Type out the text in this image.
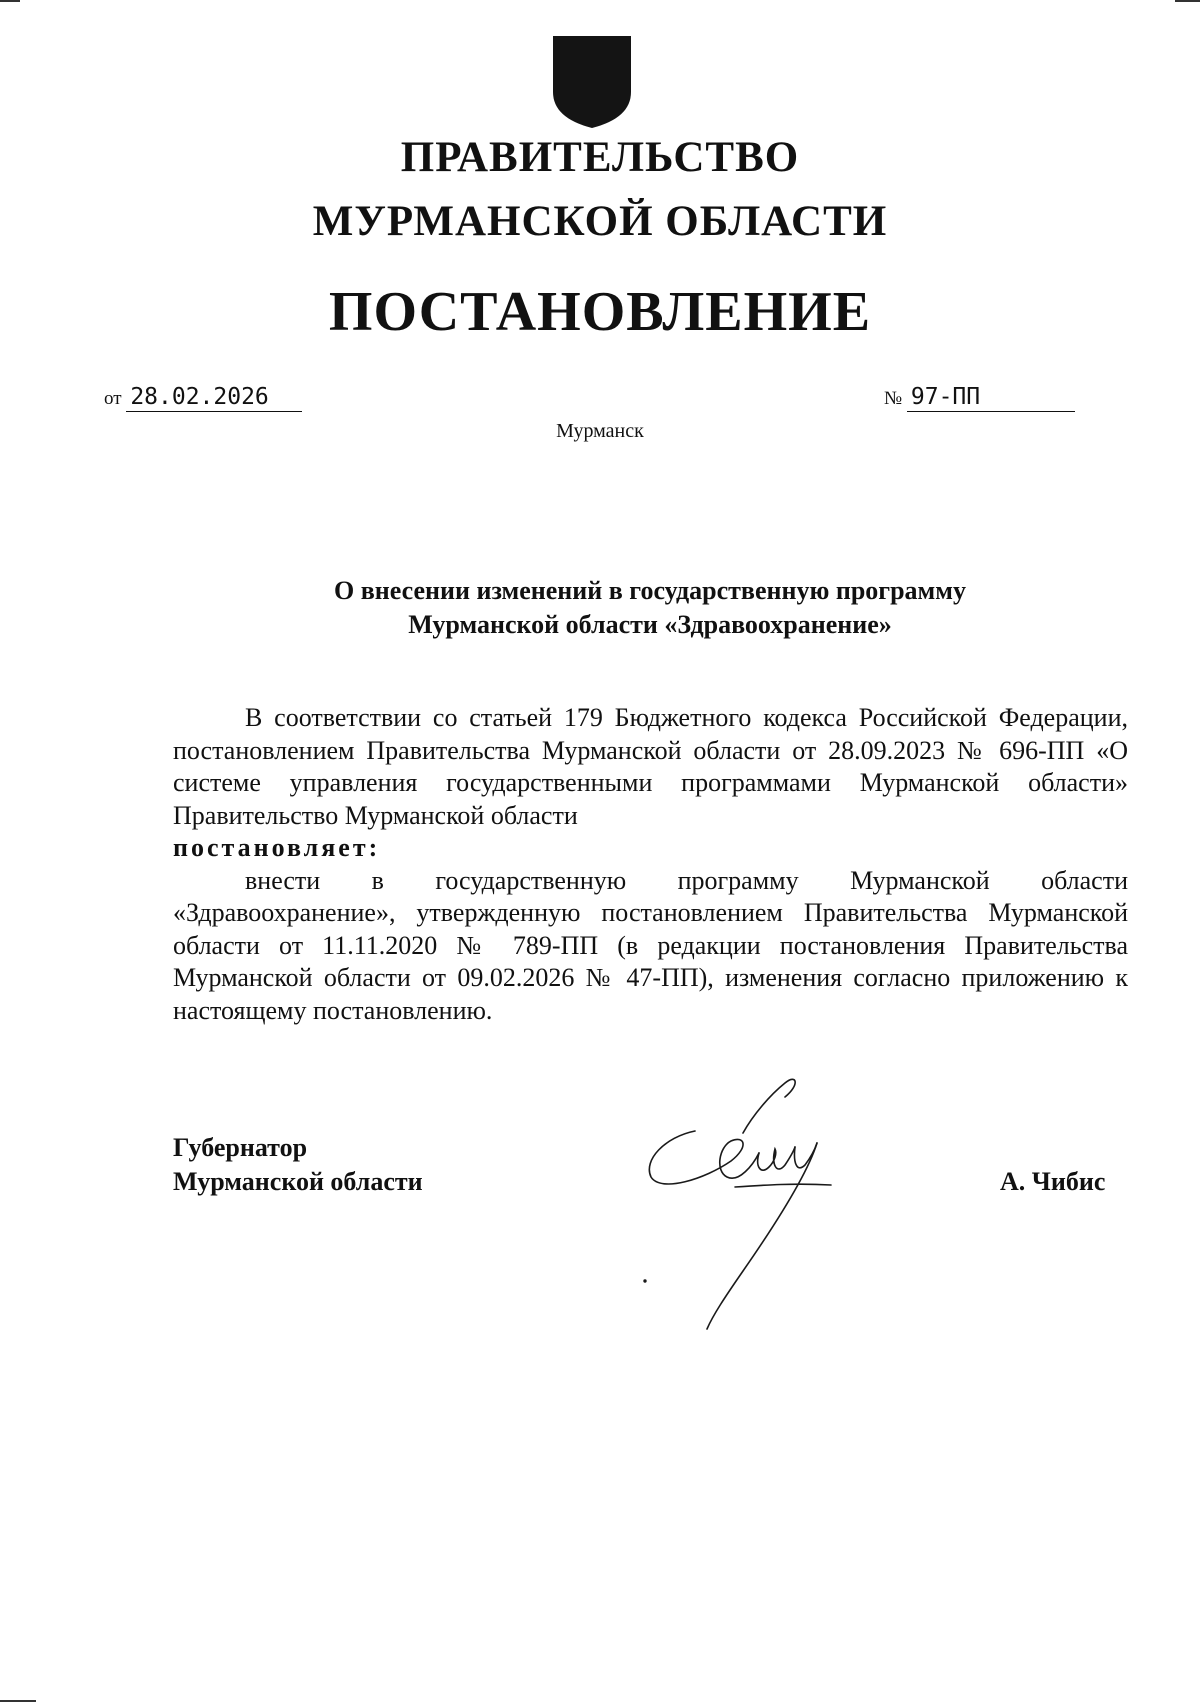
ПРАВИТЕЛЬСТВО
МУРМАНСКОЙ ОБЛАСТИ
ПОСТАНОВЛЕНИЕ
от 28.02.2026	№ 97-ПП
Мурманск
О внесении изменений в государственную программу
Мурманской области «Здравоохранение»

В соответствии со статьей 179 Бюджетного кодекса Российской Федерации, постановлением Правительства Мурманской области от 28.09.2023 № 696-ПП «О системе управления государственными программами Мурманской области» Правительство Мурманской области

постановляет:

внести в государственную программу Мурманской области «Здравоохранение», утвержденную постановлением Правительства Мурманской области от 11.11.2020 № 789-ПП (в редакции постановления Правительства Мурманской области от 09.02.2026 № 47-ПП), изменения согласно приложению к настоящему постановлению.

Губернатор
Мурманской области	А. Чибис
